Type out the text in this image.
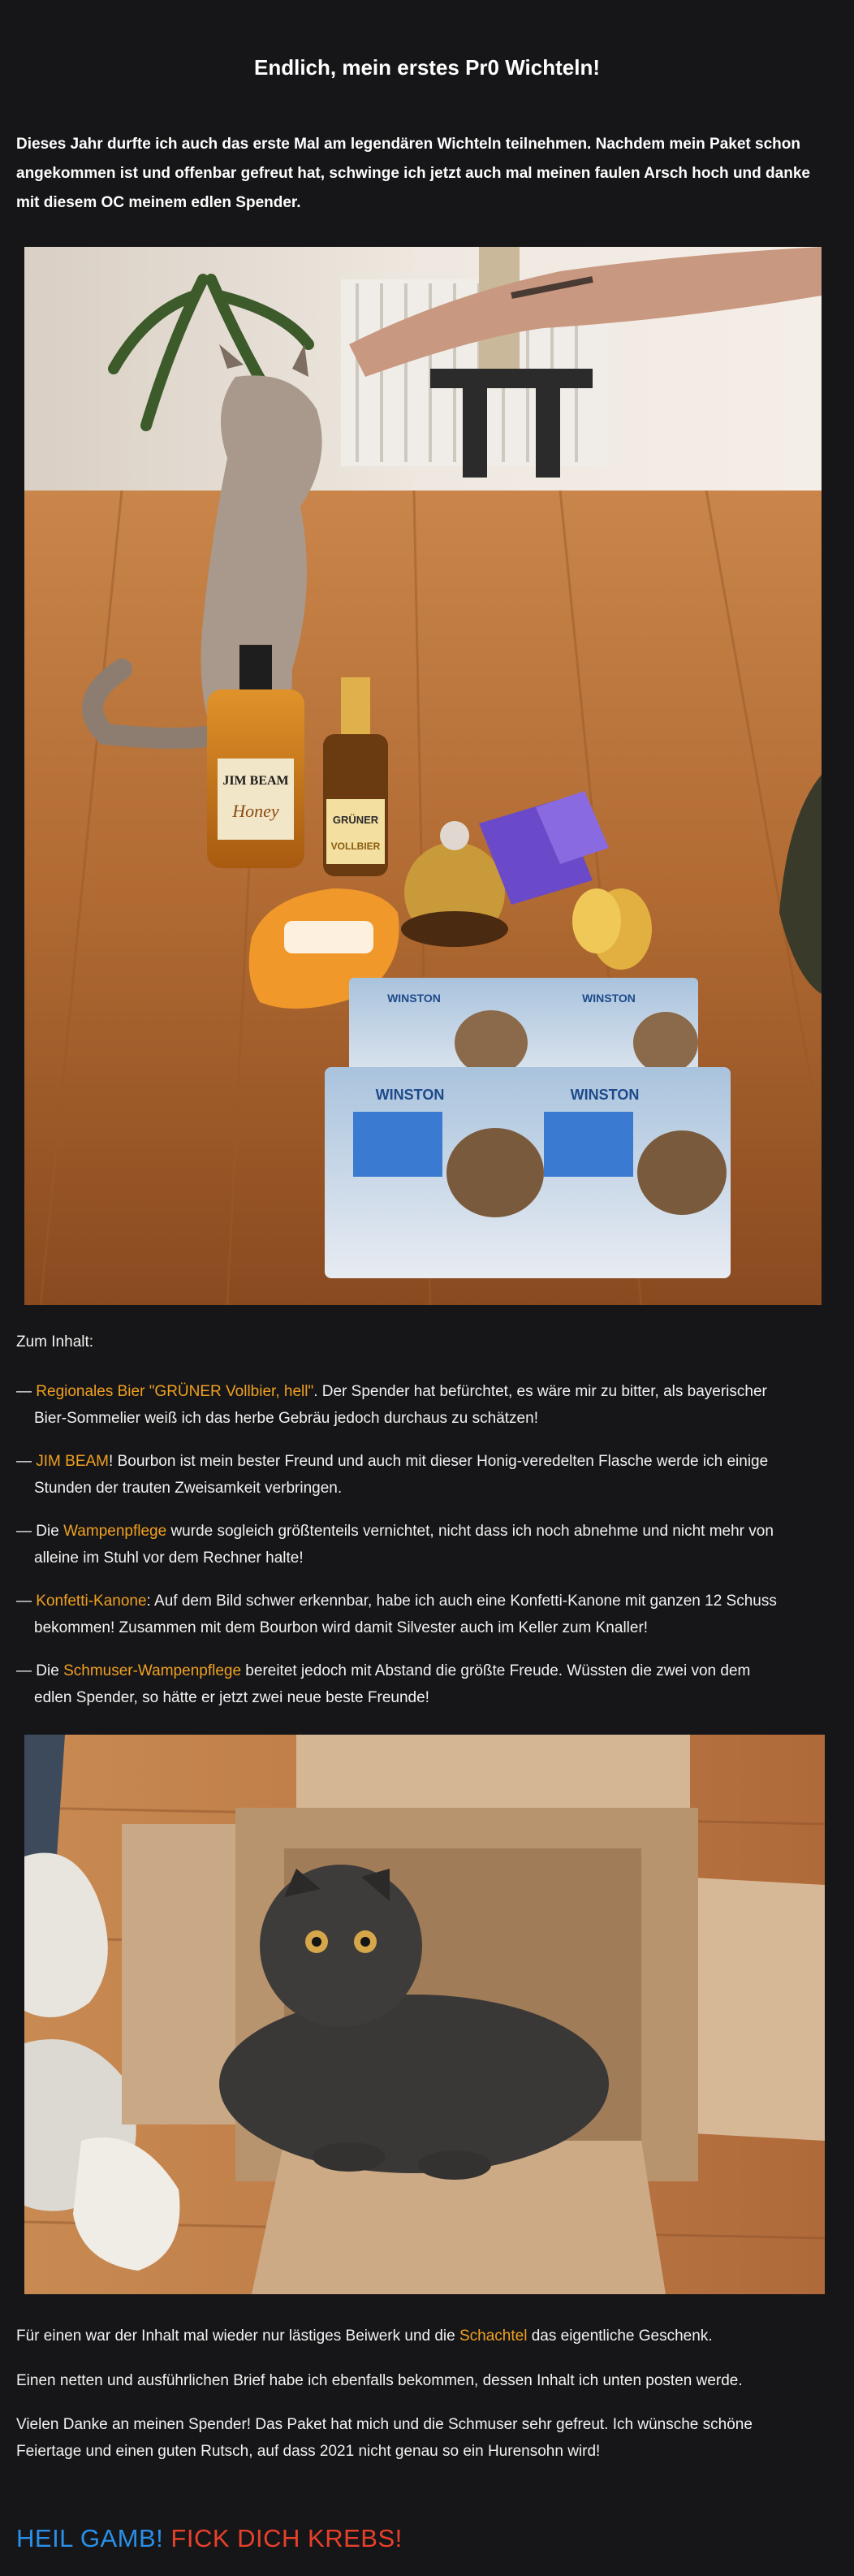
Endlich, mein erstes Pr0 Wichteln!
Dieses Jahr durfte ich auch das erste Mal am legendären Wichteln teilnehmen. Nachdem mein Paket schon angekommen ist und offenbar gefreut hat, schwinge ich jetzt auch mal meinen faulen Arsch hoch und danke mit diesem OC meinem edlen Spender.
JIM BEAM
Honey	GRÜNER
VOLLBIER
WINSTON	WINSTON
WINSTON	WINSTON
Zum Inhalt:
— Regionales Bier "GRÜNER Vollbier, hell". Der Spender hat befürchtet, es wäre mir zu bitter, als bayerischer
Bier-Sommelier weiß ich das herbe Gebräu jedoch durchaus zu schätzen!
— JIM BEAM! Bourbon ist mein bester Freund und auch mit dieser Honig-veredelten Flasche werde ich einige
Stunden der trauten Zweisamkeit verbringen.
— Die Wampenpflege wurde sogleich größtenteils vernichtet, nicht dass ich noch abnehme und nicht mehr von
alleine im Stuhl vor dem Rechner halte!
— Konfetti-Kanone: Auf dem Bild schwer erkennbar, habe ich auch eine Konfetti-Kanone mit ganzen 12 Schuss
bekommen! Zusammen mit dem Bourbon wird damit Silvester auch im Keller zum Knaller!
— Die Schmuser-Wampenpflege bereitet jedoch mit Abstand die größte Freude. Wüssten die zwei von dem
edlen Spender, so hätte er jetzt zwei neue beste Freunde!
Für einen war der Inhalt mal wieder nur lästiges Beiwerk und die Schachtel das eigentliche Geschenk.
Einen netten und ausführlichen Brief habe ich ebenfalls bekommen, dessen Inhalt ich unten posten werde.
Vielen Danke an meinen Spender! Das Paket hat mich und die Schmuser sehr gefreut. Ich wünsche schöne
Feiertage und einen guten Rutsch, auf dass 2021 nicht genau so ein Hurensohn wird!
HEIL GAMB! FICK DICH KREBS!
